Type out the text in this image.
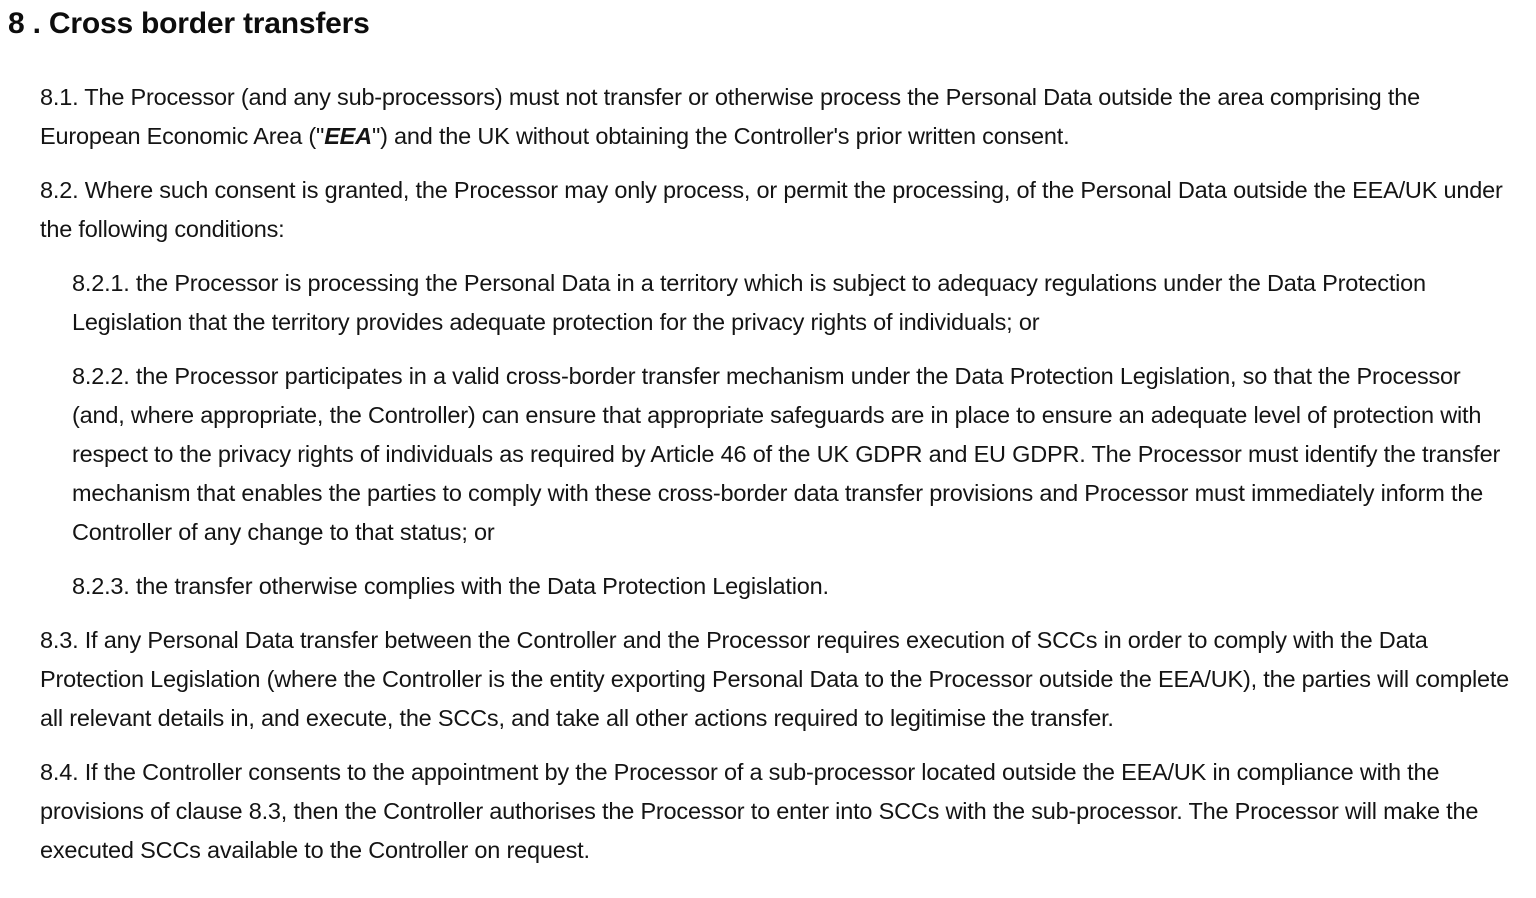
8 . Cross border transfers

8.1. The Processor (and any sub-processors) must not transfer or otherwise process the Personal Data outside the area comprising the European Economic Area ("EEA") and the UK without obtaining the Controller's prior written consent.

8.2. Where such consent is granted, the Processor may only process, or permit the processing, of the Personal Data outside the EEA/UK under the following conditions:

8.2.1. the Processor is processing the Personal Data in a territory which is subject to adequacy regulations under the Data Protection Legislation that the territory provides adequate protection for the privacy rights of individuals; or

8.2.2. the Processor participates in a valid cross-border transfer mechanism under the Data Protection Legislation, so that the Processor (and, where appropriate, the Controller) can ensure that appropriate safeguards are in place to ensure an adequate level of protection with respect to the privacy rights of individuals as required by Article 46 of the UK GDPR and EU GDPR. The Processor must identify the transfer mechanism that enables the parties to comply with these cross-border data transfer provisions and Processor must immediately inform the Controller of any change to that status; or

8.2.3. the transfer otherwise complies with the Data Protection Legislation.

8.3. If any Personal Data transfer between the Controller and the Processor requires execution of SCCs in order to comply with the Data Protection Legislation (where the Controller is the entity exporting Personal Data to the Processor outside the EEA/UK), the parties will complete all relevant details in, and execute, the SCCs, and take all other actions required to legitimise the transfer.

8.4. If the Controller consents to the appointment by the Processor of a sub-processor located outside the EEA/UK in compliance with the provisions of clause 8.3, then the Controller authorises the Processor to enter into SCCs with the sub-processor. The Processor will make the executed SCCs available to the Controller on request.
